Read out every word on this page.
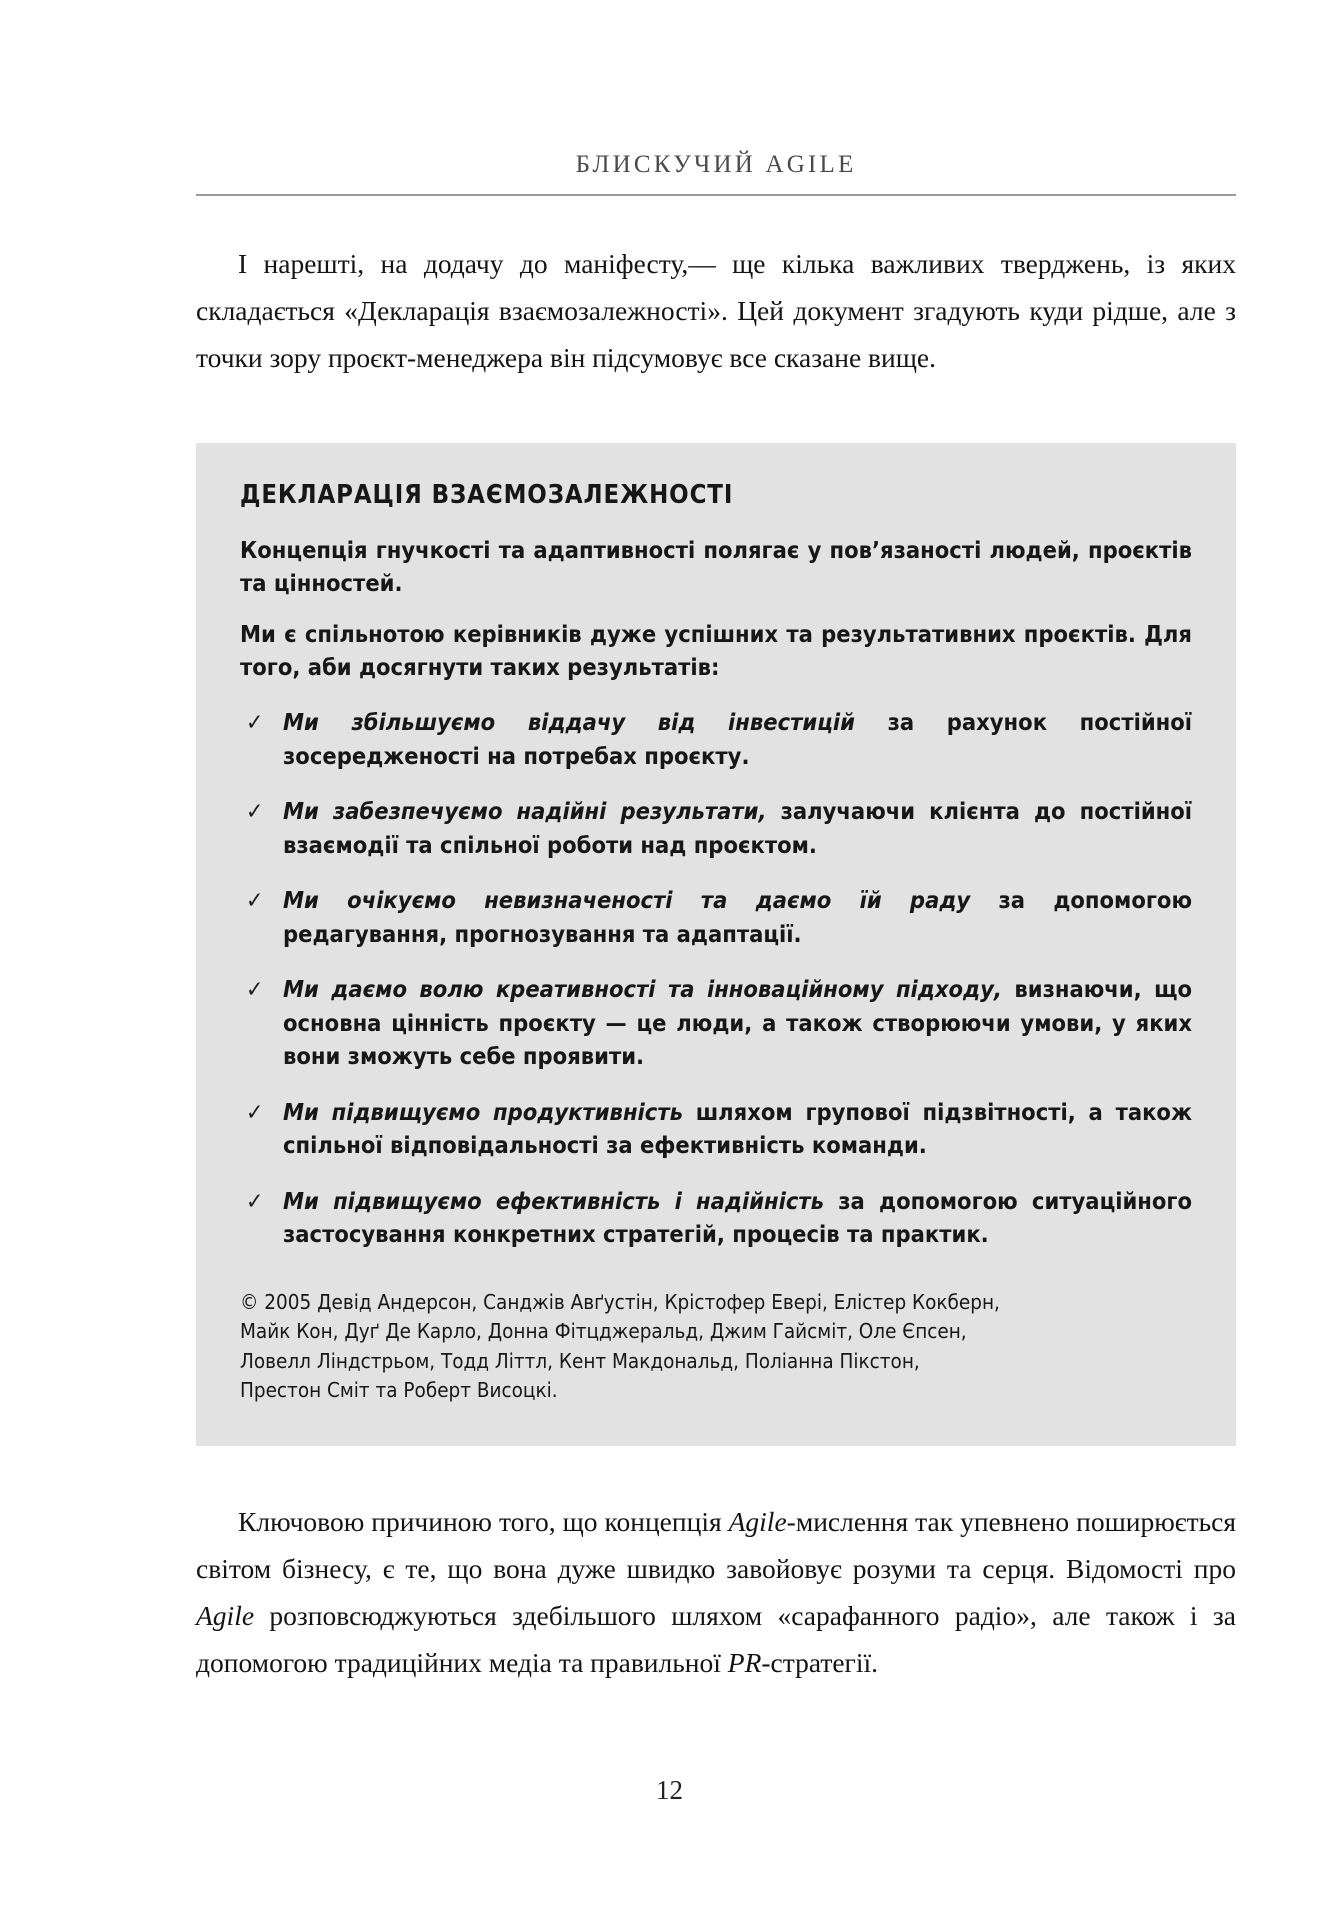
БЛИСКУЧИЙ AGILE

І нарешті, на додачу до маніфесту,— ще кілька важливих тверджень, із яких складається «Декларація взаємозалежності». Цей документ згадують куди рідше, але з точки зору проєкт-менеджера він підсумовує все сказане вище.

ДЕКЛАРАЦІЯ ВЗАЄМОЗАЛЕЖНОСТІ

Концепція гнучкості та адаптивності полягає у пов’язаності людей, проєктів та цінностей.

Ми є спільнотою керівників дуже успішних та результативних проєктів. Для того, аби досягнути таких результатів:

✓ Ми збільшуємо віддачу від інвестицій за рахунок постійної зосередженості на потребах проєкту.
✓ Ми забезпечуємо надійні результати, залучаючи клієнта до постійної взаємодії та спільної роботи над проєктом.
✓ Ми очікуємо невизначеності та даємо їй раду за допомогою редагування, прогнозування та адаптації.
✓ Ми даємо волю креативності та інноваційному підходу, визнаючи, що основна цінність проєкту — це люди, а також створюючи умови, у яких вони зможуть себе проявити.
✓ Ми підвищуємо продуктивність шляхом групової підзвітності, а також спільної відповідальності за ефективність команди.
✓ Ми підвищуємо ефективність і надійність за допомогою ситуаційного застосування конкретних стратегій, процесів та практик.
© 2005 Девід Андерсон, Санджів Авґустін, Крістофер Евері, Елістер Кокберн,
Майк Кон, Дуґ Де Карло, Донна Фітцджеральд, Джим Гайсміт, Оле Єпсен,
Ловелл Ліндстрьом, Тодд Літтл, Кент Макдональд, Поліанна Пікстон,
Престон Сміт та Роберт Висоцкі.

Ключовою причиною того, що концепція Agile-мислення так упевнено поширюється світом бізнесу, є те, що вона дуже швидко завойовує розуми та серця. Відомості про Agile розповсюджуються здебільшого шляхом «сарафанного радіо», але також і за допомогою традиційних медіа та правильної PR-стратегії.

12
